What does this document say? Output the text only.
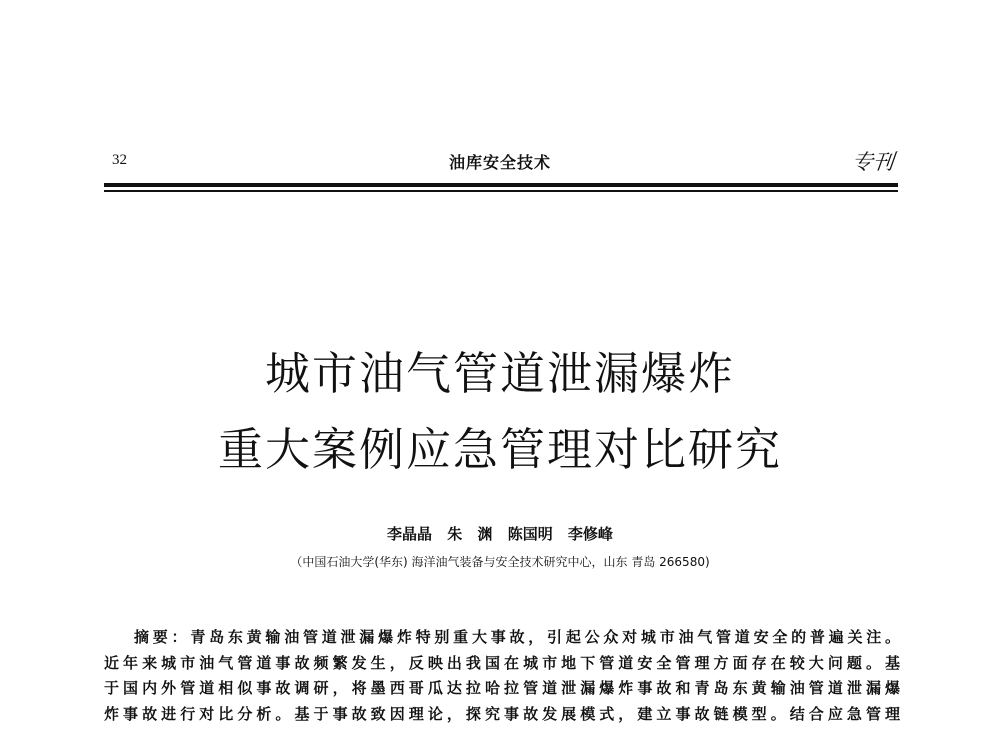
32	油库安全技术	专刊
城市油气管道泄漏爆炸
重大案例应急管理对比研究
李晶晶 朱 渊 陈国明 李修峰
（中国石油大学(华东) 海洋油气装备与安全技术研究中心，山东 青岛 266580)
摘要：青岛东黄输油管道泄漏爆炸特别重大事故，引起公众对城市油气管道安全的普遍关注。
近年来城市油气管道事故频繁发生，反映出我国在城市地下管道安全管理方面存在较大问题。基
于国内外管道相似事故调研，将墨西哥瓜达拉哈拉管道泄漏爆炸事故和青岛东黄输油管道泄漏爆
炸事故进行对比分析。基于事故致因理论，探究事故发展模式，建立事故链模型。结合应急管理
